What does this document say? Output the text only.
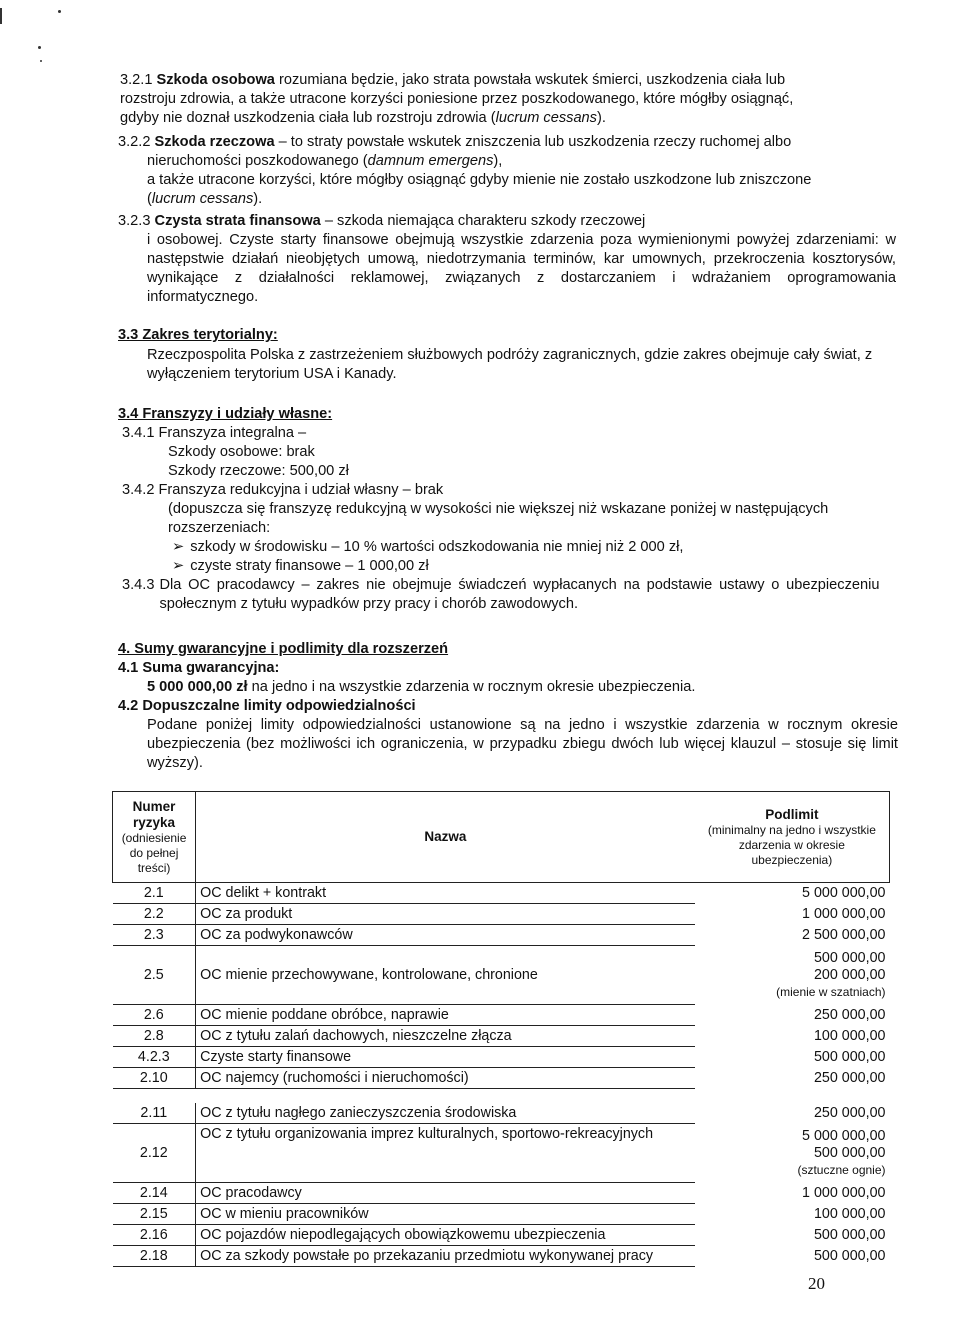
3.2.1 Szkoda osobowa rozumiana będzie, jako strata powstała wskutek śmierci, uszkodzenia ciała lub
rozstroju zdrowia, a także utracone korzyści poniesione przez poszkodowanego, które mógłby osiągnąć,
gdyby nie doznał uszkodzenia ciała lub rozstroju zdrowia (lucrum cessans).
3.2.2 Szkoda rzeczowa – to straty powstałe wskutek zniszczenia lub uszkodzenia rzeczy ruchomej albo
nieruchomości poszkodowanego (damnum emergens),
a także utracone korzyści, które mógłby osiągnąć gdyby mienie nie zostało uszkodzone lub zniszczone
(lucrum cessans).
3.2.3 Czysta strata finansowa – szkoda niemająca charakteru szkody rzeczowej

i osobowej. Czyste starty finansowe obejmują wszystkie zdarzenia poza wymienionymi powyżej zdarzeniami: w następstwie działań nieobjętych umową, niedotrzymania terminów, kar umownych, przekroczenia kosztorysów, wynikające z działalności reklamowej, związanych z dostarczaniem i wdrażaniem oprogramowania informatycznego.

3.3 Zakres terytorialny:

Rzeczpospolita Polska z zastrzeżeniem służbowych podróży zagranicznych, gdzie zakres obejmuje cały świat, z wyłączeniem terytorium USA i Kanady.

3.4 Franszyzy i udziały własne:
3.4.1 Franszyza integralna –
Szkody osobowe: brak
Szkody rzeczowe: 500,00 zł
3.4.2 Franszyza redukcyjna i udział własny – brak

(dopuszcza się franszyzę redukcyjną w wysokości nie większej niż wskazane poniżej w następujących rozszerzeniach:

➢ szkody w środowisku – 10 % wartości odszkodowania nie mniej niż 2 000 zł,
➢ czyste straty finansowe – 1 000,00 zł
3.4.3 Dla OC pracodawcy – zakres nie obejmuje świadczeń wypłacanych na podstawie ustawy o ubezpieczeniu społecznym z tytułu wypadków przy pracy i chorób zawodowych.

4. Sumy gwarancyjne i podlimity dla rozszerzeń
4.1 Suma gwarancyjna:
5 000 000,00 zł na jedno i na wszystkie zdarzenia w rocznym okresie ubezpieczenia.
4.2 Dopuszczalne limity odpowiedzialności

Podane poniżej limity odpowiedzialności ustanowione są na jedno i wszystkie zdarzenia w rocznym okresie ubezpieczenia (bez możliwości ich ograniczenia, w przypadku zbiegu dwóch lub więcej klauzul – stosuje się limit wyższy).

Numer
ryzyka
(odniesienie do pełnej treści)	Nazwa	Podlimit
(minimalny na jedno i wszystkie zdarzenia w okresie ubezpieczenia)

2.1	OC delikt + kontrakt	5 000 000,00

2.2	OC za produkt	1 000 000,00

2.3	OC za podwykonawców	2 500 000,00

2.5	OC mienie przechowywane, kontrolowane, chronione	500 000,00
200 000,00
(mienie w szatniach)

2.6	OC mienie poddane obróbce, naprawie	250 000,00

2.8	OC z tytułu zalań dachowych, nieszczelne złącza	100 000,00

4.2.3	Czyste starty finansowe	500 000,00

2.10	OC najemcy (ruchomości i nieruchomości)	250 000,00

2.11	OC z tytułu nagłego zanieczyszczenia środowiska	250 000,00

2.12	OC z tytułu organizowania imprez kulturalnych, sportowo-rekreacyjnych	5 000 000,00
500 000,00
(sztuczne ognie)

2.14	OC pracodawcy	1 000 000,00

2.15	OC w mieniu pracowników	100 000,00

2.16	OC pojazdów niepodlegających obowiązkowemu ubezpieczenia	500 000,00

2.18	OC za szkody powstałe po przekazaniu przedmiotu wykonywanej pracy	500 000,00
20
